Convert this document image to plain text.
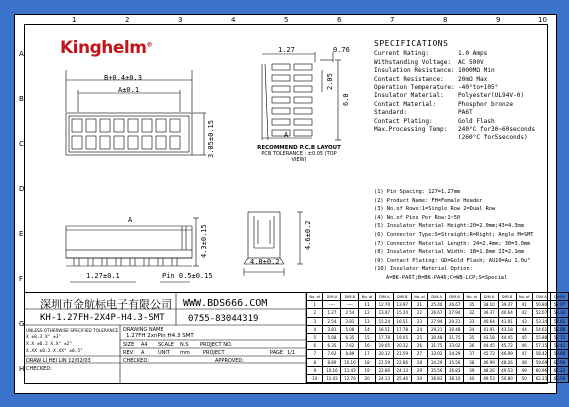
1	2	3	4	5	6	7	8	9	10
A
B
C
D
E
F
G
H
Kinghelm®
B+0.4±0.3
A±0.1
3.05±0.15
1.27	0.76
2.05
6.0
A
A
1.27±0.1	Pin 0.5±0.15
4.3±0.15	4.6±0.2
4.8±0.2
RECOMMEND P.C.B LAYOUT
PCB TOLERANCE : ±0.05 (TOP VIEW)
SPECIFICATIONS
Current Rating:	1.0 Amps
Withstanding Voltage:	AC 500V
Insulation Resistance: 1000MΩ Min
Contact Resistance:	20mΩ Max
Operation Temperature: -40°to+105°
Insulator Material:	Polyester(UL94V-0)
Contact Material:	Phosphor bronze
Standard:	PA6T
Contact Plating:	Gold Flash
Max.Processing Temp:	240°C for30~60seconds
(260°C for5seconds)
(1) Pin Spacing: 127=1.27mm
(2) Product Name: FH=Female Header
(3) No.of Rows:1=Single Row 2=Dual Row
(4) No.of Pins Per Row:1~50
(5) Insulator Material Height:20=2.0mm;43=4.3mm
(6) Connector Type:S=Straight;R=Right; Angle M=SMT
(7) Connector Material Length: 24=2.4mm; 30=3.0mm
(8) Insulator Material Width: 1B=1.8mm 2I=2.1mm
(9) Contact Plating: GD=Gold Flash; AU10=Au 1.0u"
(10) Insulator Material Option:
A=BK-PA6T;B=BK-PA46;C=WB-LCP;S=Special
深圳市金航标电子有限公司 WWW.BDS666.COM
KH-1.27FH-2X4P-H4.3-SMT	0755-83044319
DRAWING NAME
1.27FH 2xnPin H4.3 SMT
UNLESS OTHERWISE SPECIFIED TOLERANCE
X ±0.3 X° ±3°
X.X ±0.2 X.X° ±2°
X.XX ±0.1 X.XX° ±0.5°
DRAW LI HEI LIN 12/02/03
CHECKED:
SIZE A4 SCALE N.S PROJECT NO.
REV A	UNIT mm	PROJECT	PAGE 1/1
CHECKED:	APPROVED:
No. of	DIM.A	DIM.B	No. of	DIM.A	DIM.B	No. of	DIM.A	DIM.B	No. of	DIM.A	DIM.B	No. of	DIM.A	DIM.B
1	----	----	11	12.70	13.97	21	25.40	26.67	35	38.10	39.37	41	50.80	52.07
2	1.27	2.54	12	13.97	15.24	22	26.67	27.94	32	39.37	40.64	42	52.07	53.34
3	2.54	3.81	13	15.24	16.51	23	27.94	29.21	33	40.64	41.91	43	53.34	54.61
4	3.81	5.08	14	16.51	17.78	24	29.21	30.48	34	41.91	43.18	44	54.61	55.88
5	5.08	6.35	15	17.78	19.05	25	30.48	31.75	35	43.18	44.45	45	55.88	57.15
6	6.35	7.62	16	19.05	20.32	26	31.75	33.02	36	44.45	45.72	46	57.15	58.42
7	7.62	8.89	17	20.32	21.59	27	33.02	34.29	37	45.72	46.99	47	58.42	59.69
8	8.89	10.16	18	21.59	22.86	28	34.29	35.56	38	46.99	48.26	48	59.69	60.96
9	10.16	11.43	19	22.86	24.13	29	35.56	36.83	39	48.26	49.53	49	60.96	62.23
10	11.43	12.70	20	24.13	25.40	30	36.83	38.10	40	49.53	50.80	50	62.23	63.50
